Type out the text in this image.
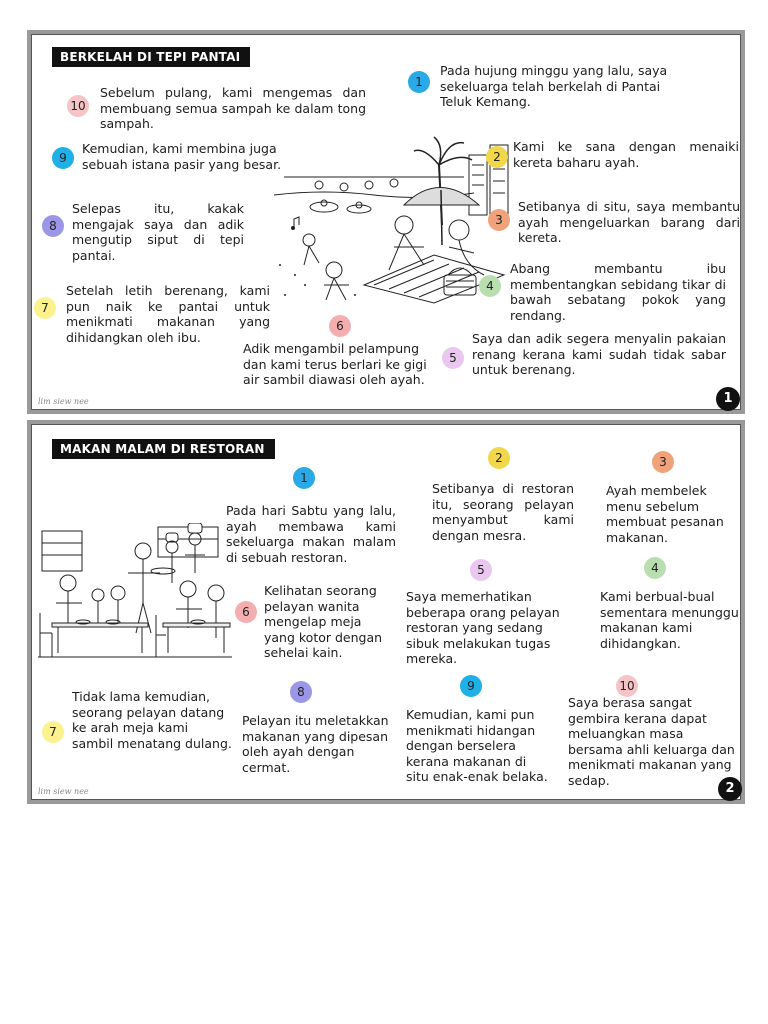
BERKELAH DI TEPI PANTAI
1
Pada hujung minggu yang lalu, saya sekeluarga telah berkelah di Pantai Teluk Kemang.
2
Kami ke sana dengan menaiki kereta baharu ayah.
3
Setibanya di situ, saya membantu ayah mengeluarkan barang dari kereta.
4
Abang membantu ibu membentangkan sebidang tikar di bawah sebatang pokok yang rendang.
5
Saya dan adik segera menyalin pakaian renang kerana kami sudah tidak sabar untuk berenang.
6
Adik mengambil pelampung dan kami terus berlari ke gigi air sambil diawasi oleh ayah.
7
Setelah letih berenang, kami pun naik ke pantai untuk menikmati makanan yang dihidangkan oleh ibu.
8
Selepas itu, kakak mengajak saya dan adik mengutip siput di tepi pantai.
9
Kemudian, kami membina juga sebuah istana pasir yang besar.
10
Sebelum pulang, kami mengemas dan membuang semua sampah ke dalam tong sampah.
lim siew nee	1
MAKAN MALAM DI RESTORAN
1
Pada hari Sabtu yang lalu, ayah membawa kami sekeluarga makan malam di sebuah restoran.
2
Setibanya di restoran itu, seorang pelayan menyambut kami dengan mesra.
3
Ayah membelek menu sebelum membuat pesanan makanan.
4
Kami berbual-bual sementara menunggu makanan kami dihidangkan.
5
Saya memerhatikan beberapa orang pelayan restoran yang sedang sibuk melakukan tugas mereka.
6
Kelihatan seorang pelayan wanita mengelap meja yang kotor dengan sehelai kain.
7
Tidak lama kemudian, seorang pelayan datang ke arah meja kami sambil menatang dulang.
8
Pelayan itu meletakkan makanan yang dipesan oleh ayah dengan cermat.
9
Kemudian, kami pun menikmati hidangan dengan berselera kerana makanan di situ enak-enak belaka.
10
Saya berasa sangat gembira kerana dapat meluangkan masa bersama ahli keluarga dan menikmati makanan yang sedap.
lim siew nee	2
